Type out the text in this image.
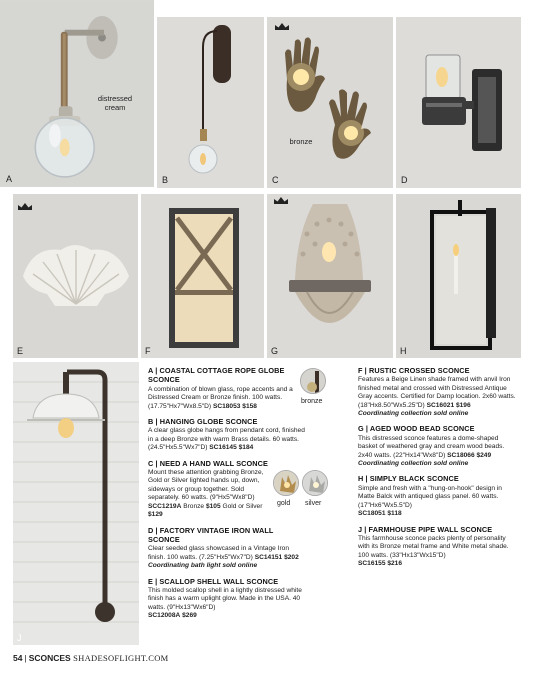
A
distressed
cream
B
bronze
C	D
E	F	G	H
J

A | COASTAL COTTAGE ROPE GLOBE SCONCE
A combination of blown glass, rope accents and a Distressed Cream or Bronze finish. 100 watts. (17.75"Hx7"Wx8.5"D) SC18053 $158

B | HANGING GLOBE SCONCE
A clear glass globe hangs from pendant cord, finished in a deep Bronze with warm Brass details. 60 watts. (24.5"Hx5.5"Wx7"D) SC16145 $184

C | NEED A HAND WALL SCONCE
Mount these attention grabbing Bronze, Gold or Silver lighted hands up, down, sideways or group together. Sold separately. 60 watts. (9"Hx5"Wx8"D)
SCC1219A Bronze $105 Gold or Silver $129

D | FACTORY VINTAGE IRON WALL SCONCE
Clear seeded glass showcased in a Vintage Iron finish. 100 watts. (7.25"Hx5"Wx7"D) SC14151 $202
Coordinating bath light sold online

E | SCALLOP SHELL WALL SCONCE
This molded scallop shell in a lightly distressed white finish has a warm uplight glow. Made in the USA. 40 watts. (9"Hx13"Wx6"D)
SC12008A $269

bronze
gold silver

F | RUSTIC CROSSED SCONCE
Features a Beige Linen shade framed with anvil Iron finished metal and crossed with Distressed Antique Gray accents. Certified for Damp location. 2x60 watts. (18"Hx8.50"Wx5.25"D) SC16021 $196
Coordinating collection sold online

G | AGED WOOD BEAD SCONCE
This distressed sconce features a dome-shaped basket of weathered gray and cream wood beads. 2x40 watts. (22"Hx14"Wx8"D) SC18066 $249
Coordinating collection sold online

H | SIMPLY BLACK SCONCE
Simple and fresh with a "hung-on-hook" design in Matte Balck with antiqued glass panel. 60 watts. (17"Hx6"Wx5.5"D)
SC18051 $118

J | FARMHOUSE PIPE WALL SCONCE
This farmhouse sconce packs plenty of personality with its Bronze metal frame and White metal shade. 100 watts. (33"Hx13"Wx15"D)
SC16155 $216

54 | SCONCES SHADESOFLIGHT.COM
